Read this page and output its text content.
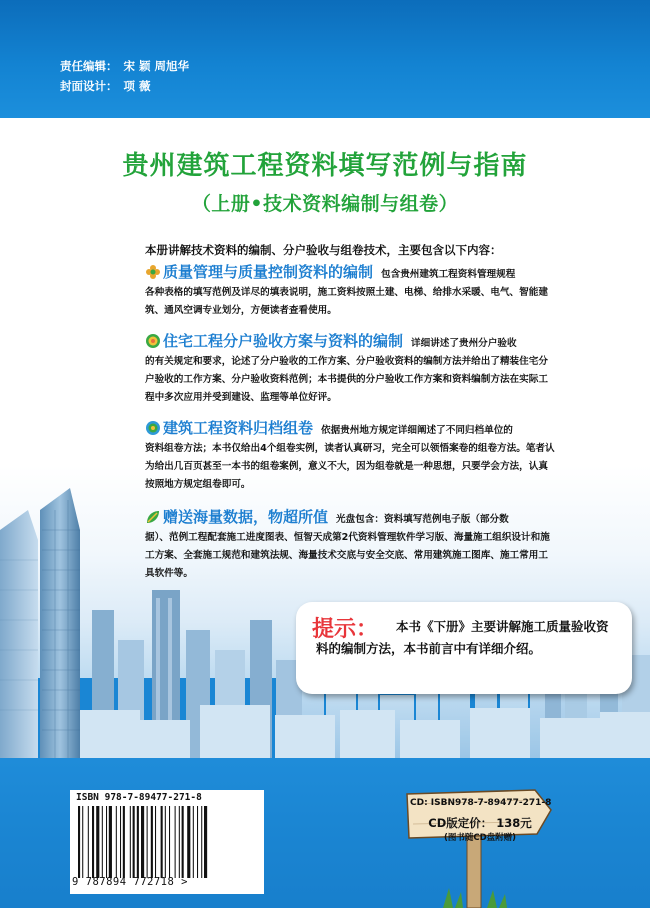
责任编辑： 宋 颖 周旭华
封面设计： 项 薇
贵州建筑工程资料填写范例与指南
（上册•技术资料编制与组卷）
本册讲解技术资料的编制、分户验收与组卷技术，主要包含以下内容：
质量管理与质量控制资料的编制 包含贵州建筑工程资料管理规程
各种表格的填写范例及详尽的填表说明，施工资料按照土建、电梯、给排水采暖、电气、智能建筑、通风空调专业划分，方便读者查看使用。
住宅工程分户验收方案与资料的编制 详细讲述了贵州分户验收
的有关规定和要求，论述了分户验收的工作方案、分户验收资料的编制方法并给出了精装住宅分户验收的工作方案、分户验收资料范例；本书提供的分户验收工作方案和资料编制方法在实际工程中多次应用并受到建设、监理等单位好评。
建筑工程资料归档组卷 依据贵州地方规定详细阐述了不同归档单位的
资料组卷方法；本书仅给出4个组卷实例，读者认真研习，完全可以领悟案卷的组卷方法。笔者认为给出几百页甚至一本书的组卷案例，意义不大，因为组卷就是一种思想，只要学会方法，认真按照地方规定组卷即可。
赠送海量数据，物超所值 光盘包含：资料填写范例电子版（部分数
据）、范例工程配套施工进度图表、恒智天成第2代资料管理软件学习版、海量施工组织设计和施工方案、全套施工规范和建筑法规、海量技术交底与安全交底、常用建筑施工图库、施工常用工具软件等。
提示：	本书《下册》主要讲解施工质量验收资料的编制方法，本书前言中有详细介绍。
ISBN 978-7-89477-271-8
9 787894 772718 >
CD: ISBN978-7-89477-271-8
CD版定价： 138元
(图书随CD盘附赠)
